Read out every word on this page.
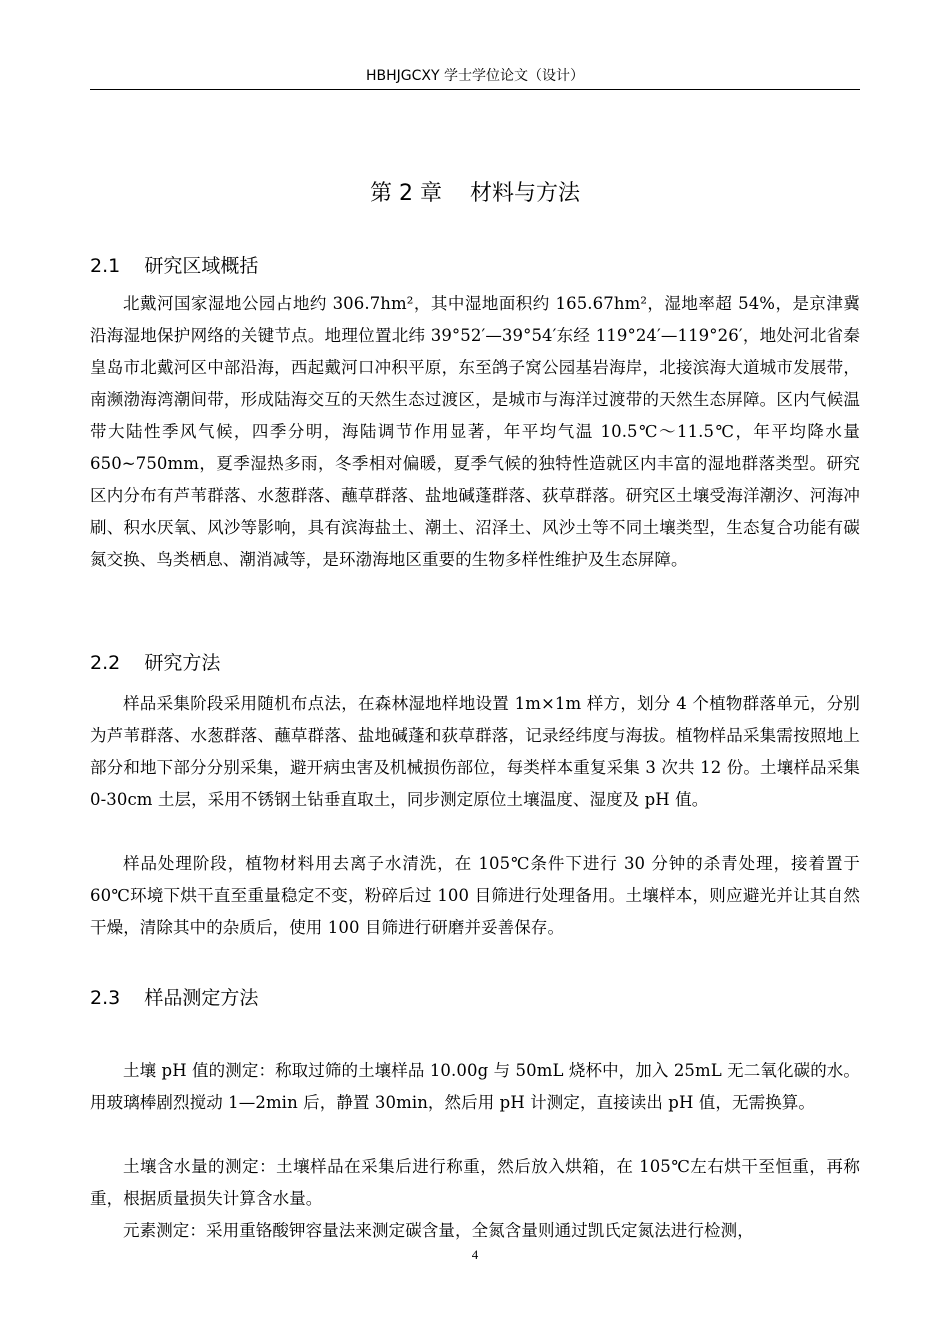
HBHJGCXY 学士学位论文（设计）
第 2 章    材料与方法
2.1    研究区域概括

北戴河国家湿地公园占地约 306.7hm²，其中湿地面积约 165.67hm²，湿地率超 54%，是京津冀沿海湿地保护网络的关键节点。地理位置北纬 39°52′—39°54′东经 119°24′—119°26′，地处河北省秦皇岛市北戴河区中部沿海，西起戴河口冲积平原，东至鸽子窝公园基岩海岸，北接滨海大道城市发展带，南濒渤海湾潮间带，形成陆海交互的天然生态过渡区，是城市与海洋过渡带的天然生态屏障。区内气候温带大陆性季风气候，四季分明，海陆调节作用显著，年平均气温 10.5℃～11.5℃，年平均降水量 650~750mm，夏季湿热多雨，冬季相对偏暖，夏季气候的独特性造就区内丰富的湿地群落类型。研究区内分布有芦苇群落、水葱群落、蘸草群落、盐地碱蓬群落、荻草群落。研究区土壤受海洋潮汐、河海冲刷、积水厌氧、风沙等影响，具有滨海盐土、潮土、沼泽土、风沙土等不同土壤类型，生态复合功能有碳氮交换、鸟类栖息、潮消减等，是环渤海地区重要的生物多样性维护及生态屏障。

2.2    研究方法

样品采集阶段采用随机布点法，在森林湿地样地设置 1m×1m 样方，划分 4 个植物群落单元，分别为芦苇群落、水葱群落、蘸草群落、盐地碱蓬和荻草群落，记录经纬度与海拔。植物样品采集需按照地上部分和地下部分分别采集，避开病虫害及机械损伤部位，每类样本重复采集 3 次共 12 份。土壤样品采集 0-30cm 土层，采用不锈钢土钻垂直取土，同步测定原位土壤温度、湿度及 pH 值。

样品处理阶段，植物材料用去离子水清洗，在 105℃条件下进行 30 分钟的杀青处理，接着置于 60℃环境下烘干直至重量稳定不变，粉碎后过 100 目筛进行处理备用。土壤样本，则应避光并让其自然干燥，清除其中的杂质后，使用 100 目筛进行研磨并妥善保存。

2.3    样品测定方法

土壤 pH 值的测定：称取过筛的土壤样品 10.00g 与 50mL 烧杯中，加入 25mL 无二氧化碳的水。用玻璃棒剧烈搅动 1—2min 后，静置 30min，然后用 pH 计测定，直接读出 pH 值，无需换算。

土壤含水量的测定：土壤样品在采集后进行称重，然后放入烘箱，在 105℃左右烘干至恒重，再称重，根据质量损失计算含水量。

元素测定：采用重铬酸钾容量法来测定碳含量，全氮含量则通过凯氏定氮法进行检测，

4
